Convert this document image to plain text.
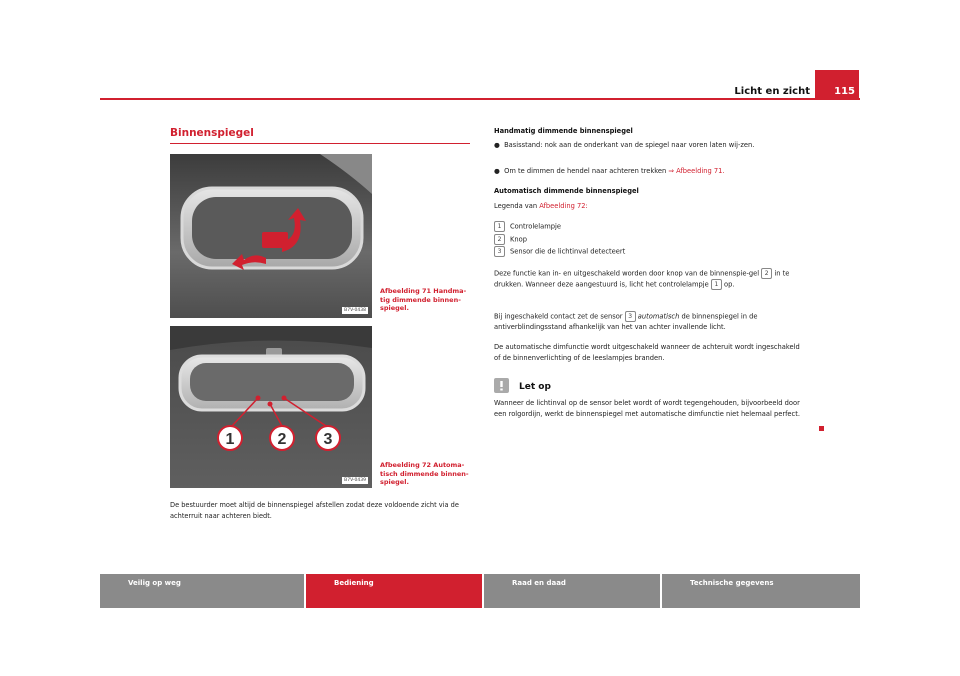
Licht en zicht	115
Binnenspiegel
B7V-0438
Afbeelding 71 Handma-tig dimmende binnen-spiegel.
1	2 3
B7V-0439
Afbeelding 72 Automa-tisch dimmende binnen-spiegel.
De bestuurder moet altijd de binnenspiegel afstellen zodat deze voldoende zicht via de achterruit naar achteren biedt.
Handmatig dimmende binnenspiegel
●  Basisstand: nok aan de onderkant van de spiegel naar voren laten wij-zen.
●  Om te dimmen de hendel naar achteren trekken ⇒ Afbeelding 71.
Automatisch dimmende binnenspiegel
Legenda van Afbeelding 72:
1 Controlelampje
2 Knop
3 Sensor die de lichtinval detecteert
Deze functie kan in- en uitgeschakeld worden door knop van de binnenspie-gel 2 in te drukken. Wanneer deze aangestuurd is, licht het controlelampje 1 op.
Bij ingeschakeld contact zet de sensor 3 automatisch de binnenspiegel in de antiverblindingsstand afhankelijk van het van achter invallende licht.
De automatische dimfunctie wordt uitgeschakeld wanneer de achteruit wordt ingeschakeld of de binnenverlichting of de leeslampjes branden.
Let op
Wanneer de lichtinval op de sensor belet wordt of wordt tegengehouden, bijvoorbeeld door een rolgordijn, werkt de binnenspiegel met automatische dimfunctie niet helemaal perfect.
Veilig op weg	Bediening	Raad en daad	Technische gegevens
